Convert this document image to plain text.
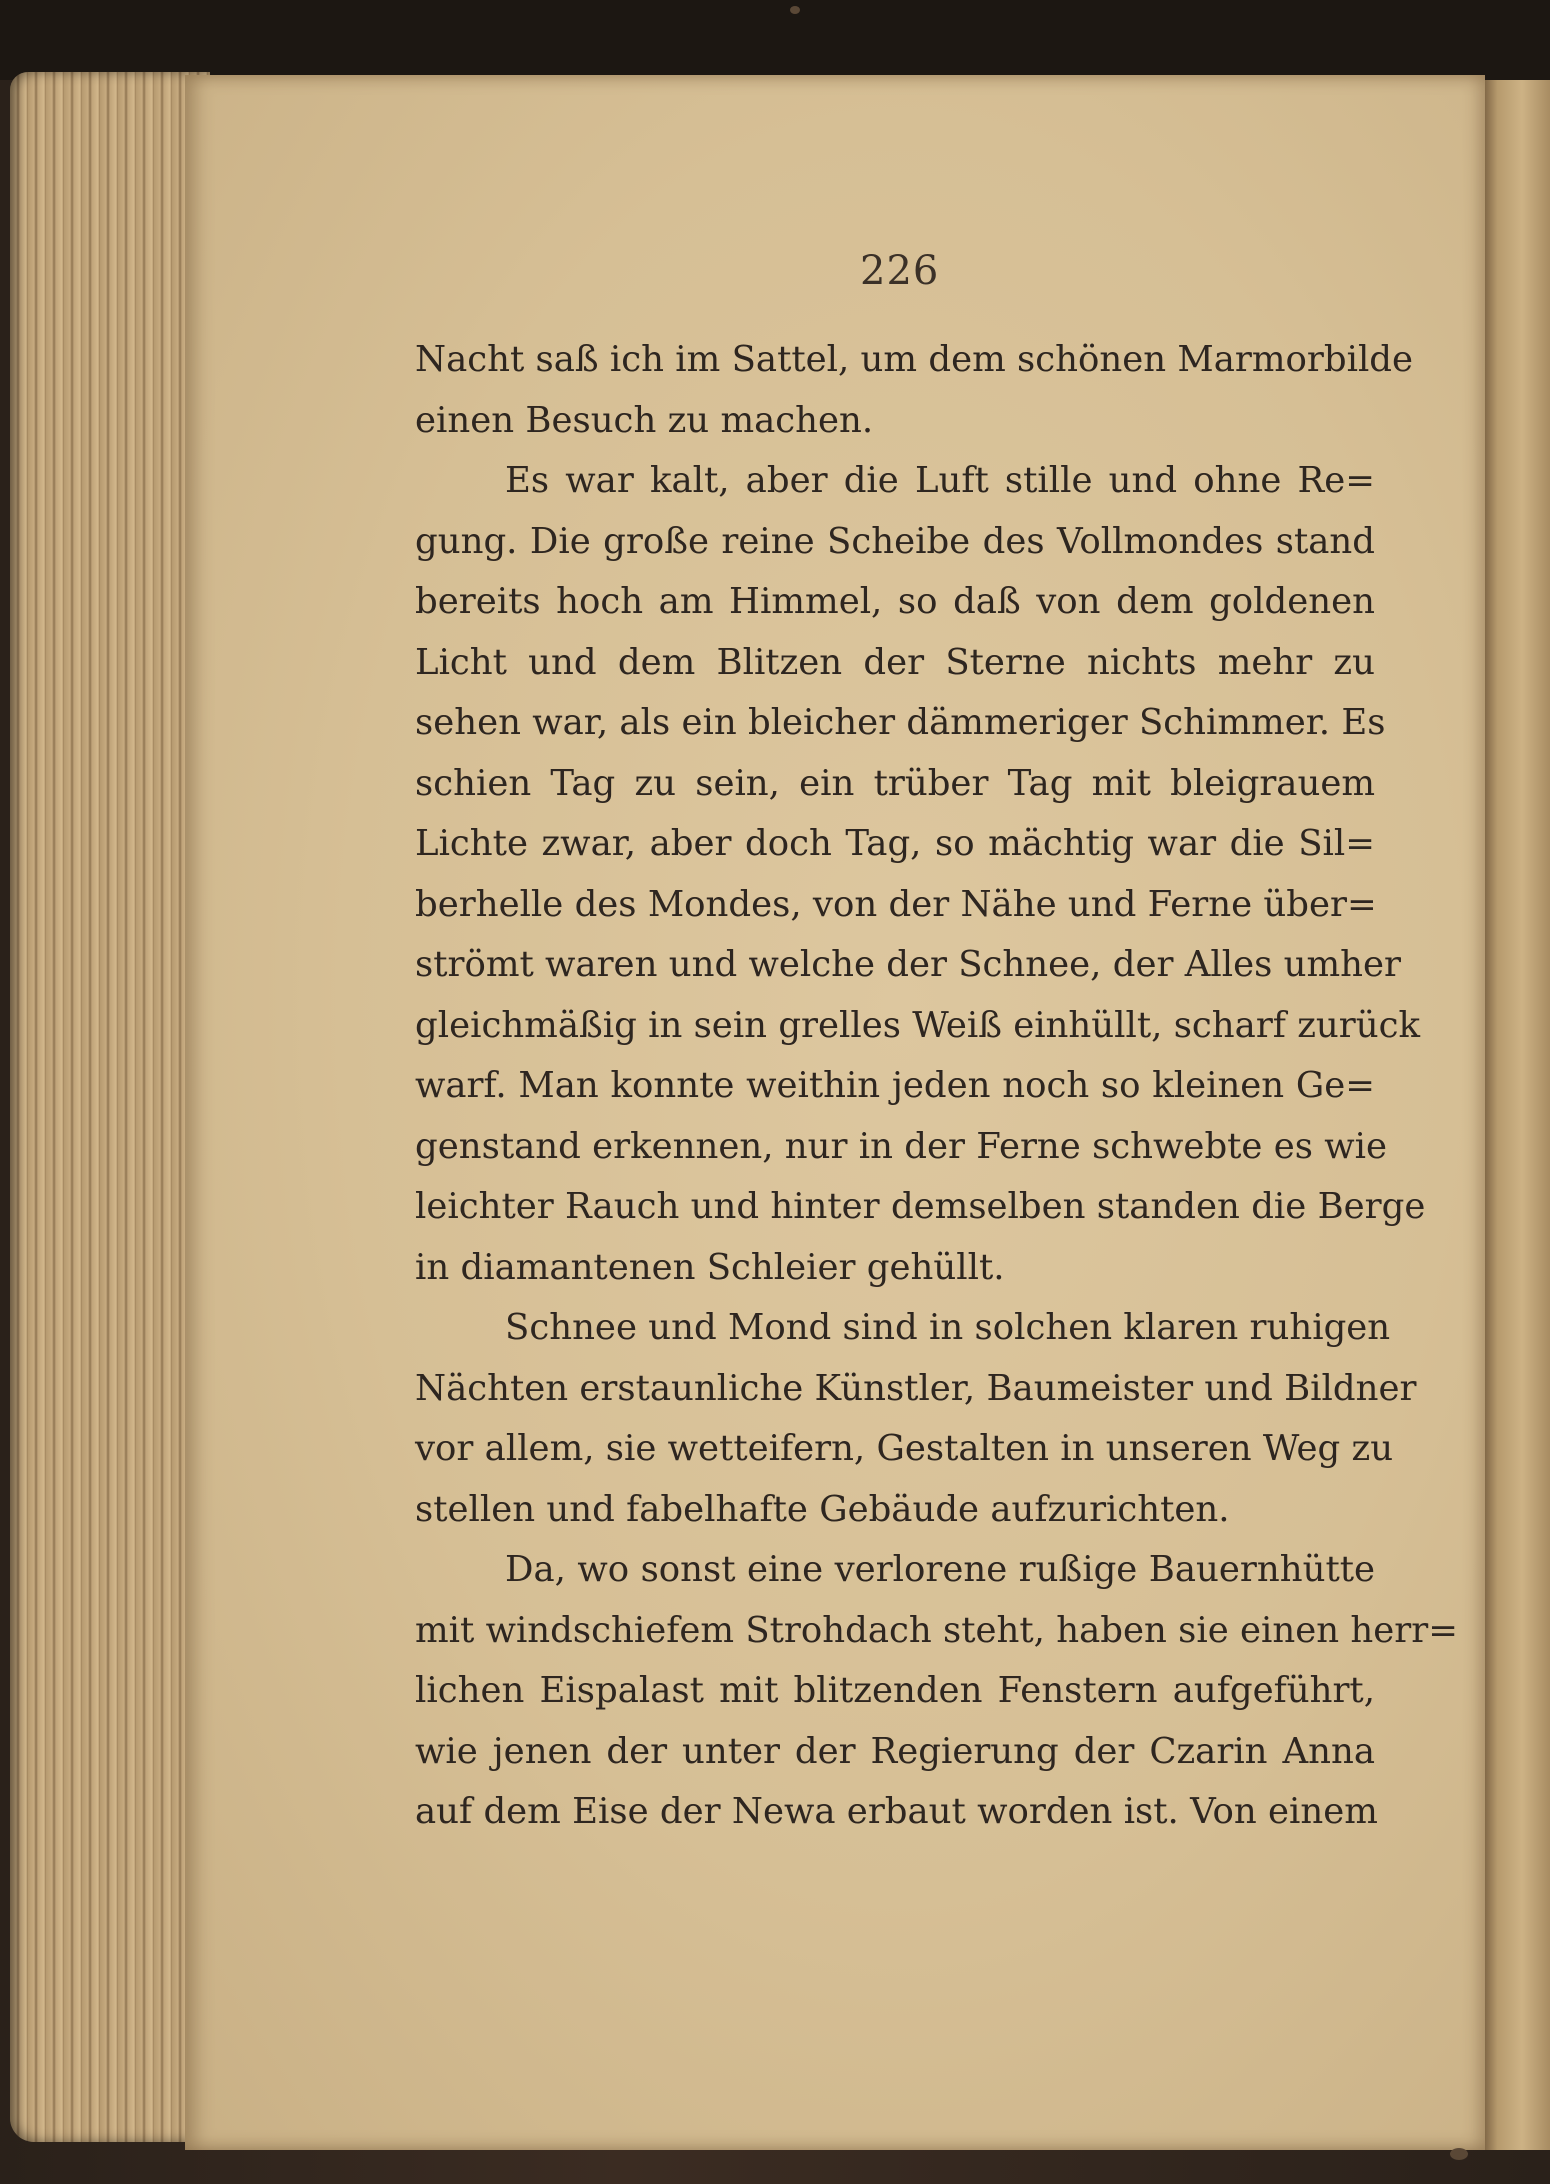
226
Nacht saß ich im Sattel, um dem schönen Marmorbilde
einen Besuch zu machen.
Es war kalt, aber die Luft stille und ohne Re=
gung. Die große reine Scheibe des Vollmondes stand
bereits hoch am Himmel, so daß von dem goldenen
Licht und dem Blitzen der Sterne nichts mehr zu
sehen war, als ein bleicher dämmeriger Schimmer. Es
schien Tag zu sein, ein trüber Tag mit bleigrauem
Lichte zwar, aber doch Tag, so mächtig war die Sil=
berhelle des Mondes, von der Nähe und Ferne über=
strömt waren und welche der Schnee, der Alles umher
gleichmäßig in sein grelles Weiß einhüllt, scharf zurück
warf. Man konnte weithin jeden noch so kleinen Ge=
genstand erkennen, nur in der Ferne schwebte es wie
leichter Rauch und hinter demselben standen die Berge
in diamantenen Schleier gehüllt.
Schnee und Mond sind in solchen klaren ruhigen
Nächten erstaunliche Künstler, Baumeister und Bildner
vor allem, sie wetteifern, Gestalten in unseren Weg zu
stellen und fabelhafte Gebäude aufzurichten.
Da, wo sonst eine verlorene rußige Bauernhütte
mit windschiefem Strohdach steht, haben sie einen herr=
lichen Eispalast mit blitzenden Fenstern aufgeführt,
wie jenen der unter der Regierung der Czarin Anna
auf dem Eise der Newa erbaut worden ist. Von einem
